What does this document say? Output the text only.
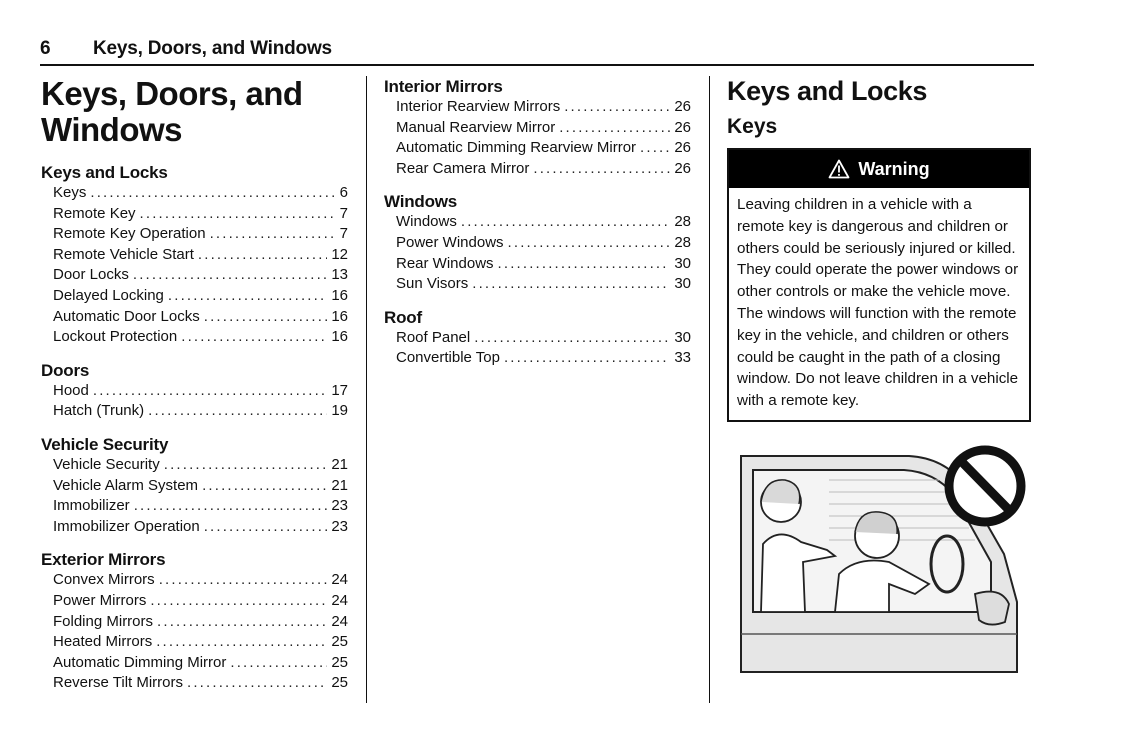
6 Keys, Doors, and Windows
Keys, Doors, and
Windows
Keys and Locks
Keys . . .	6
Remote Key . . .	7
Remote Key Operation . . .	7
Remote Vehicle Start . . .	12
Door Locks . . .	13
Delayed Locking . . .	16
Automatic Door Locks . . .	16
Lockout Protection . . .	16
Doors
Hood . . .	17
Hatch (Trunk) . . .	19
Vehicle Security
Vehicle Security . . .	21
Vehicle Alarm System . . .	21
Immobilizer . . .	23
Immobilizer Operation . . .	23
Exterior Mirrors
Convex Mirrors . . .	24
Power Mirrors . . .	24
Folding Mirrors . . .	24
Heated Mirrors . . .	25
Automatic Dimming Mirror . . .	25
Reverse Tilt Mirrors . . .	25
Interior Mirrors
Interior Rearview Mirrors . . .	26
Manual Rearview Mirror . . .	26
Automatic Dimming Rearview Mirror . . .	26
Rear Camera Mirror . . .	26
Windows
Windows . . .	28
Power Windows . . .	28
Rear Windows . . .	30
Sun Visors . . .	30
Roof
Roof Panel . . .	30
Convertible Top . . .	33
Keys and Locks
Keys
Warning
Leaving children in a vehicle with a remote key is dangerous and children or others could be seriously injured or killed. They could operate the power windows or other controls or make the vehicle move. The windows will function with the remote key in the vehicle, and children or others could be caught in the path of a closing window. Do not leave children in a vehicle with a remote key.
